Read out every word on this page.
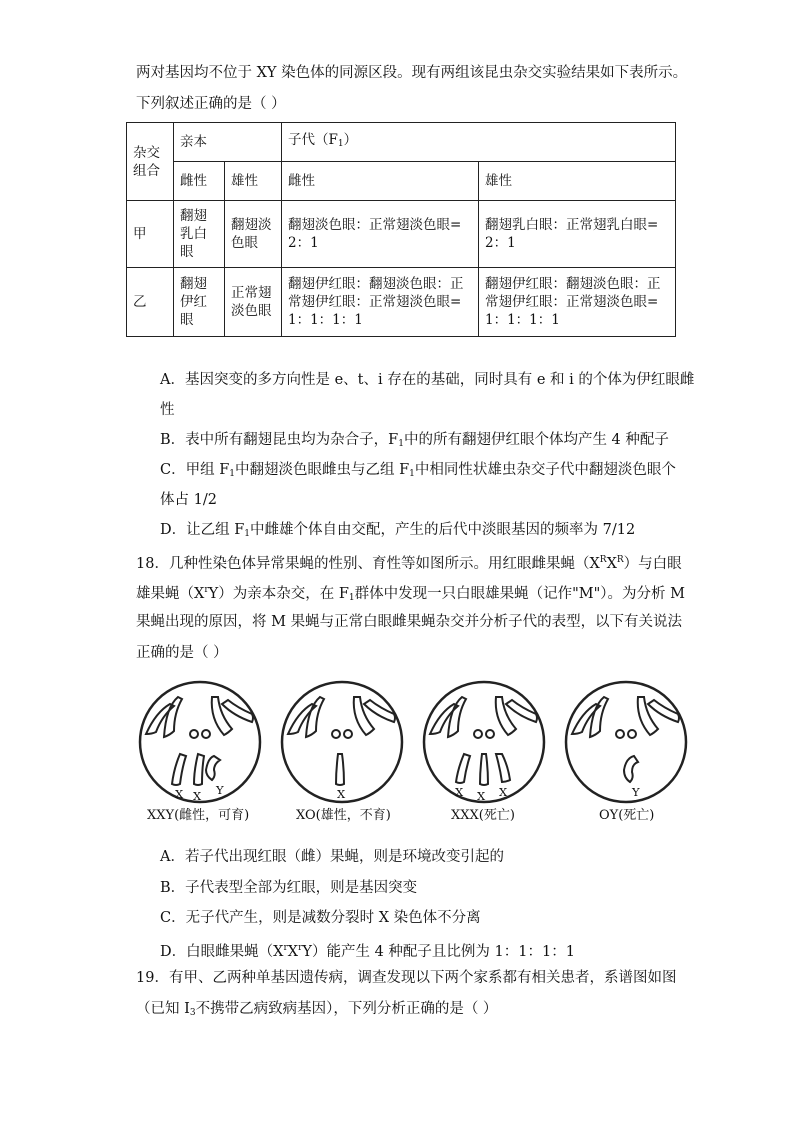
两对基因均不位于 XY 染色体的同源区段。现有两组该昆虫杂交实验结果如下表所示。
下列叙述正确的是（ ）
杂交
组合	亲本		子代$(F_1)$	
	雌性	雄性	雌性	雄性
甲	翻翅乳白眼	翻翅淡色眼	翻翅淡色眼：正常翅淡色眼=2：1	翻翅乳白眼：正常翅乳白眼=2：1
乙	翻翅伊红眼	正常翅淡色眼	翻翅伊红眼：翻翅淡色眼：正常翅伊红眼：正常翅淡色眼=1：1：1：1	翻翅伊红眼：翻翅淡色眼：正常翅伊红眼：正常翅淡色眼=1：1：1：1
A．基因突变的多方向性是 e、t、i 存在的基础，同时具有 e 和 i 的个体为伊红眼雌
性
B．表中所有翻翅昆虫均为杂合子，$F_1$中的所有翻翅伊红眼个体均产生 4 种配子
C．甲组 $F_1$中翻翅淡色眼雌虫与乙组 $F_1$中相同性状雄虫杂交子代中翻翅淡色眼个
体占 1/2
D．让乙组 $F_1$中雌雄个体自由交配，产生的后代中淡眼基因的频率为 7/12
18．几种性染色体异常果蝇的性别、育性等如图所示。用红眼雌果蝇$(X^RX^R)$与白眼
雄果蝇$(X^rY)$为亲本杂交，在 $F_1$群体中发现一只白眼雄果蝇（记作"M"）。为分析 M
果蝇出现的原因，将 M 果蝇与正常白眼雌果蝇杂交并分析子代的表型，以下有关说法
正确的是（ ）
X X Y	X	X X X	Y
XXY(雌性，可育)	XO(雄性，不育)	XXX(死亡)	OY(死亡)
A．若子代出现红眼（雌）果蝇，则是环境改变引起的
B．子代表型全部为红眼，则是基因突变
C．无子代产生，则是减数分裂时 X 染色体不分离
D．白眼雌果蝇$(X^rX^rY)$能产生 4 种配子且比例为 1：1：1：1
19．有甲、乙两种单基因遗传病，调查发现以下两个家系都有相关患者，系谱图如图
（已知 $I_3$不携带乙病致病基因），下列分析正确的是（ ）
